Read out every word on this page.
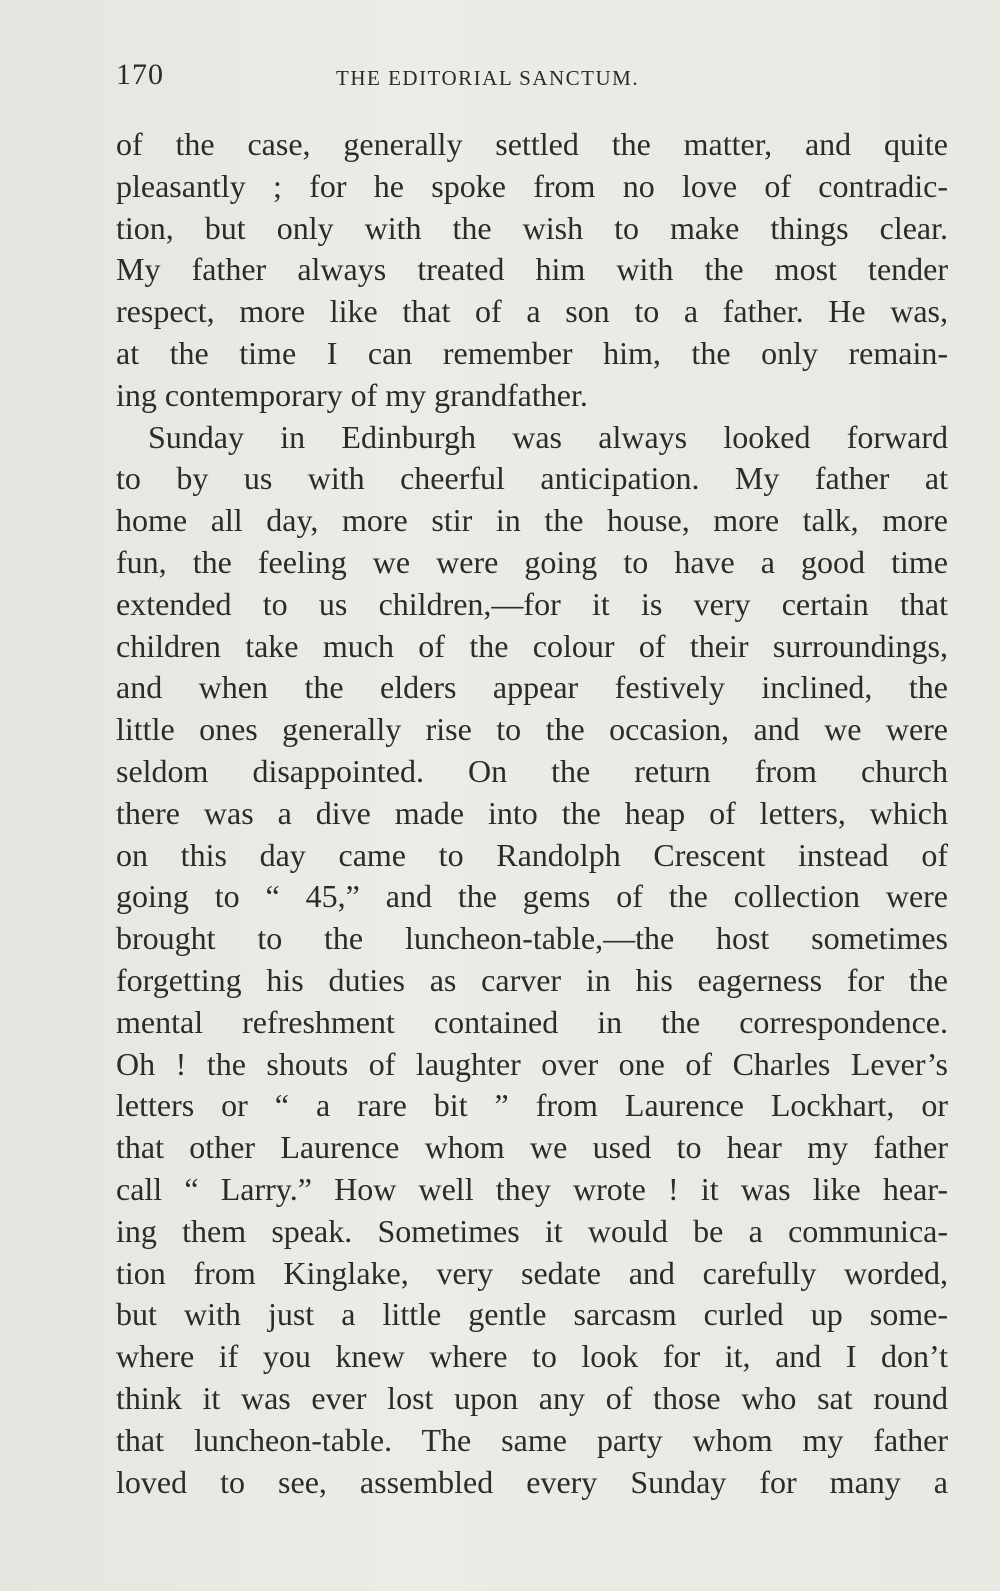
170	THE EDITORIAL SANCTUM.
of the case, generally settled the matter, and quite
pleasantly ; for he spoke from no love of contradic-
tion, but only with the wish to make things clear.
My father always treated him with the most tender
respect, more like that of a son to a father. He was,
at the time I can remember him, the only remain-
ing contemporary of my grandfather.
Sunday in Edinburgh was always looked forward
to by us with cheerful anticipation. My father at
home all day, more stir in the house, more talk, more
fun, the feeling we were going to have a good time
extended to us children,—for it is very certain that
children take much of the colour of their surroundings,
and when the elders appear festively inclined, the
little ones generally rise to the occasion, and we were
seldom disappointed. On the return from church
there was a dive made into the heap of letters, which
on this day came to Randolph Crescent instead of
going to “ 45,” and the gems of the collection were
brought to the luncheon-table,—the host sometimes
forgetting his duties as carver in his eagerness for the
mental refreshment contained in the correspondence.
Oh ! the shouts of laughter over one of Charles Lever’s
letters or “ a rare bit ” from Laurence Lockhart, or
that other Laurence whom we used to hear my father
call “ Larry.” How well they wrote ! it was like hear-
ing them speak. Sometimes it would be a communica-
tion from Kinglake, very sedate and carefully worded,
but with just a little gentle sarcasm curled up some-
where if you knew where to look for it, and I don’t
think it was ever lost upon any of those who sat round
that luncheon-table. The same party whom my father
loved to see, assembled every Sunday for many a
